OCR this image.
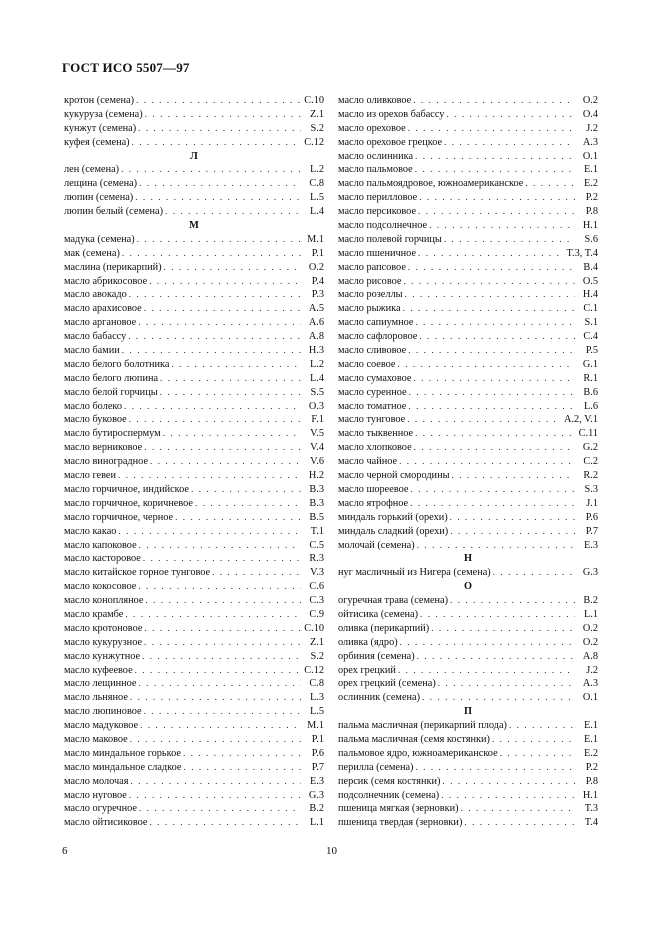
ГОСТ ИСО 5507—97
кротон (семена) . . .	C.10
кукуруза (семена) . . .	Z.1
кунжут (семена) . . .	S.2
куфея (семена) . . .	C.12
Л
лен (семена) . . .	L.2
лещина (семена) . . .	C.8
люпин (семена) . . .	L.5
люпин белый (семена) . . .	L.4
М
мадука (семена) . . .	M.1
мак (семена) . . .	P.1
маслина (перикарпий) . . .	O.2
масло абрикосовое . . .	P.4
масло авокадо . . .	P.3
масло арахисовое . . .	A.5
масло аргановое . . .	A.6
масло бабассу . . .	A.8
масло бамии . . .	H.3
масло белого болотника . . .	L.2
масло белого люпина . . .	L.4
масло белой горчицы . . .	S.5
масло болеко . . .	O.3
масло буковое . . .	F.1
масло бутироспермум . . .	V.5
масло верниковое . . .	V.4
масло виноградное . . .	V.6
масло гевеи . . .	H.2
масло горчичное, индийское . . .	B.3
масло горчичное, коричневое . . .	B.3
масло горчичное, черное . . .	B.5
масло какао . . .	T.1
масло капоковое . . .	C.5
масло касторовое . . .	R.3
масло китайское горное тунговое . . .	V.3
масло кокосовое . . .	C.6
масло конопляное . . .	C.3
масло крамбе . . .	C.9
масло кротоновое . . .	C.10
масло кукурузное . . .	Z.1
масло кунжутное . . .	S.2
масло куфеевое . . .	C.12
масло лещинное . . .	C.8
масло льняное . . .	L.3
масло люпиновое . . .	L.5
масло мадуковое . . .	M.1
масло маковое . . .	P.1
масло миндальное горькое . . .	P.6
масло миндальное сладкое . . .	P.7
масло молочая . . .	E.3
масло нуговое . . .	G.3
масло огуречное . . .	B.2
масло ойтисиковое . . .	L.1
масло оливковое . . .	O.2
масло из орехов бабассу . . .	O.4
масло ореховое . . .	J.2
масло ореховое грецкое . . .	A.3
масло ослинника . . .	O.1
масло пальмовое . . .	E.1
масло пальмоядровое, южноамериканское . . .	E.2
масло перилловое . . .	P.2
масло персиковое . . .	P.8
масло подсолнечное . . .	H.1
масло полевой горчицы . . .	S.6
масло пшеничное . . .	T.3, T.4
масло рапсовое . . .	B.4
масло рисовое . . .	O.5
масло розеллы . . .	H.4
масло рыжика . . .	C.1
масло сапиумное . . .	S.1
масло сафлоровое . . .	C.4
масло сливовое . . .	P.5
масло соевое . . .	G.1
масло сумаховое . . .	R.1
масло суренное . . .	B.6
масло томатное . . .	L.6
масло тунговое . . .	A.2, V.1
масло тыквенное . . .	C.11
масло хлопковое . . .	G.2
масло чайное . . .	C.2
масло черной смородины . . .	R.2
масло шореевое . . .	S.3
масло ятрофное . . .	J.1
миндаль горький (орехи) . . .	P.6
миндаль сладкий (орехи) . . .	P.7
молочай (семена) . . .	E.3
Н
нуг масличный из Нигера (семена) . . .	G.3
О
огуречная трава (семена) . . .	B.2
ойтисика (семена) . . .	L.1
оливка (перикарпий) . . .	O.2
оливка (ядро) . . .	O.2
орбиния (семена) . . .	A.8
орех грецкий . . .	J.2
орех грецкий (семена) . . .	A.3
ослинник (семена) . . .	O.1
П
пальма масличная (перикарпий плода) . . .	E.1
пальма масличная (семя костянки) . . .	E.1
пальмовое ядро, южноамериканское . . .	E.2
перилла (семена) . . .	P.2
персик (семя костянки) . . .	P.8
подсолнечник (семена) . . .	H.1
пшеница мягкая (зерновки) . . .	T.3
пшеница твердая (зерновки) . . .	T.4
6	10
